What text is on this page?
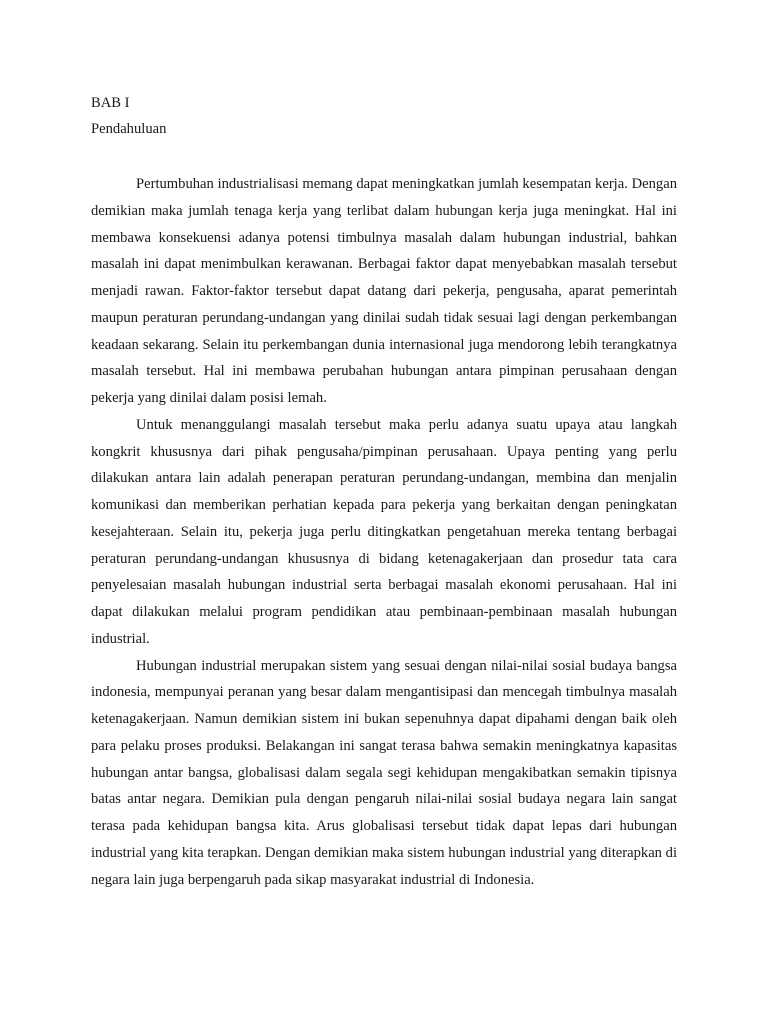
BAB I

Pendahuluan

Pertumbuhan industrialisasi memang dapat meningkatkan jumlah kesempatan kerja. Dengan demikian maka jumlah tenaga kerja yang terlibat dalam hubungan kerja juga meningkat. Hal ini membawa konsekuensi adanya potensi timbulnya masalah dalam hubungan industrial, bahkan masalah ini dapat menimbulkan kerawanan. Berbagai faktor dapat menyebabkan masalah tersebut menjadi rawan. Faktor-faktor tersebut dapat datang dari pekerja, pengusaha, aparat pemerintah maupun peraturan perundang-undangan yang dinilai sudah tidak sesuai lagi dengan perkembangan keadaan sekarang. Selain itu perkembangan dunia internasional juga mendorong lebih terangkatnya masalah tersebut. Hal ini membawa perubahan hubungan antara pimpinan perusahaan dengan pekerja yang dinilai dalam posisi lemah.

Untuk menanggulangi masalah tersebut maka perlu adanya suatu upaya atau langkah kongkrit khususnya dari pihak pengusaha/pimpinan perusahaan. Upaya penting yang perlu dilakukan antara lain adalah penerapan peraturan perundang-undangan, membina dan menjalin komunikasi dan memberikan perhatian kepada para pekerja yang berkaitan dengan peningkatan kesejahteraan. Selain itu, pekerja juga perlu ditingkatkan pengetahuan mereka tentang berbagai peraturan perundang-undangan khususnya di bidang ketenagakerjaan dan prosedur tata cara penyelesaian masalah hubungan industrial serta berbagai masalah ekonomi perusahaan. Hal ini dapat dilakukan melalui program pendidikan atau pembinaan-pembinaan masalah hubungan industrial.

Hubungan industrial merupakan sistem yang sesuai dengan nilai-nilai sosial budaya bangsa indonesia, mempunyai peranan yang besar dalam mengantisipasi dan mencegah timbulnya masalah ketenagakerjaan. Namun demikian sistem ini bukan sepenuhnya dapat dipahami dengan baik oleh para pelaku proses produksi. Belakangan ini sangat terasa bahwa semakin meningkatnya kapasitas hubungan antar bangsa, globalisasi dalam segala segi kehidupan mengakibatkan semakin tipisnya batas antar negara. Demikian pula dengan pengaruh nilai-nilai sosial budaya negara lain sangat terasa pada kehidupan bangsa kita. Arus globalisasi tersebut tidak dapat lepas dari hubungan industrial yang kita terapkan. Dengan demikian maka sistem hubungan industrial yang diterapkan di negara lain juga berpengaruh pada sikap masyarakat industrial di Indonesia.
